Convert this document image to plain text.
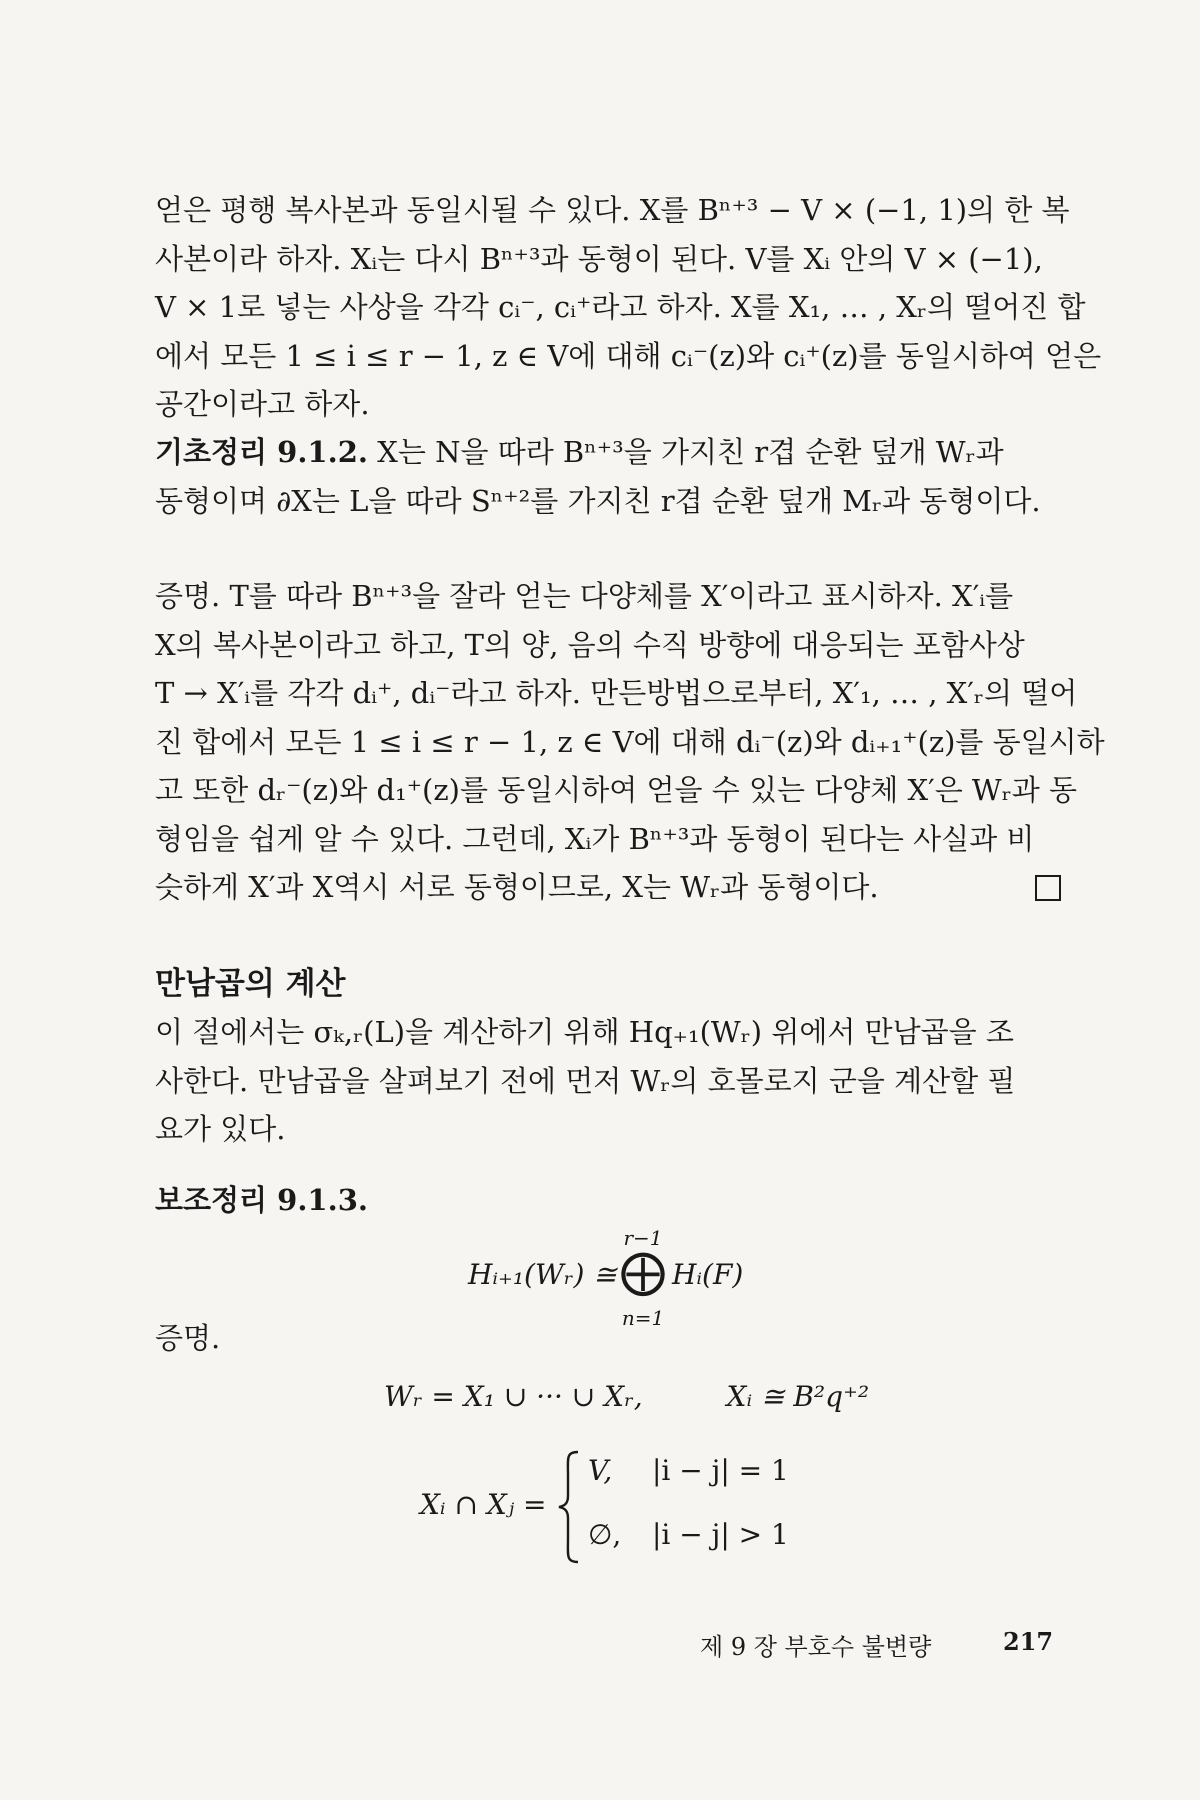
얻은 평행 복사본과 동일시될 수 있다. X를 Bⁿ⁺³ − V × (−1, 1)의 한 복
사본이라 하자. Xᵢ는 다시 Bⁿ⁺³과 동형이 된다. V를 Xᵢ 안의 V × (−1),
V × 1로 넣는 사상을 각각 cᵢ⁻, cᵢ⁺라고 하자. X를 X₁, … , Xᵣ의 떨어진 합
에서 모든 1 ≤ i ≤ r − 1, z ∈ V에 대해 cᵢ⁻(z)와 cᵢ⁺(z)를 동일시하여 얻은
공간이라고 하자.

기초정리 9.1.2. X는 N을 따라 Bⁿ⁺³을 가지친 r겹 순환 덮개 Wᵣ과
동형이며 ∂X는 L을 따라 Sⁿ⁺²를 가지친 r겹 순환 덮개 Mᵣ과 동형이다.

증명. T를 따라 Bⁿ⁺³을 잘라 얻는 다양체를 X′이라고 표시하자. X′ᵢ를
X의 복사본이라고 하고, T의 양, 음의 수직 방향에 대응되는 포함사상
T → X′ᵢ를 각각 dᵢ⁺, dᵢ⁻라고 하자. 만든방법으로부터, X′₁, … , X′ᵣ의 떨어
진 합에서 모든 1 ≤ i ≤ r − 1, z ∈ V에 대해 dᵢ⁻(z)와 dᵢ₊₁⁺(z)를 동일시하
고 또한 dᵣ⁻(z)와 d₁⁺(z)를 동일시하여 얻을 수 있는 다양체 X′은 Wᵣ과 동
형임을 쉽게 알 수 있다. 그런데, Xᵢ가 Bⁿ⁺³과 동형이 된다는 사실과 비
슷하게 X′과 X역시 서로 동형이므로, X는 Wᵣ과 동형이다.

만남곱의 계산

이 절에서는 σₖ,ᵣ(L)을 계산하기 위해 Hq₊₁(Wᵣ) 위에서 만남곱을 조
사한다. 만남곱을 살펴보기 전에 먼저 Wᵣ의 호몰로지 군을 계산할 필
요가 있다.

보조정리 9.1.3.

Hᵢ₊₁(Wᵣ) ≅
r−1
⨁
n=1
Hᵢ(F)

증명.

Wᵣ = X₁ ∪ ··· ∪ Xᵣ,	Xᵢ ≅ B²q⁺²
Xᵢ ∩ Xⱼ =
V, |i − j| = 1
∅, |i − j| > 1
제 9 장 부호수 불변량	217
